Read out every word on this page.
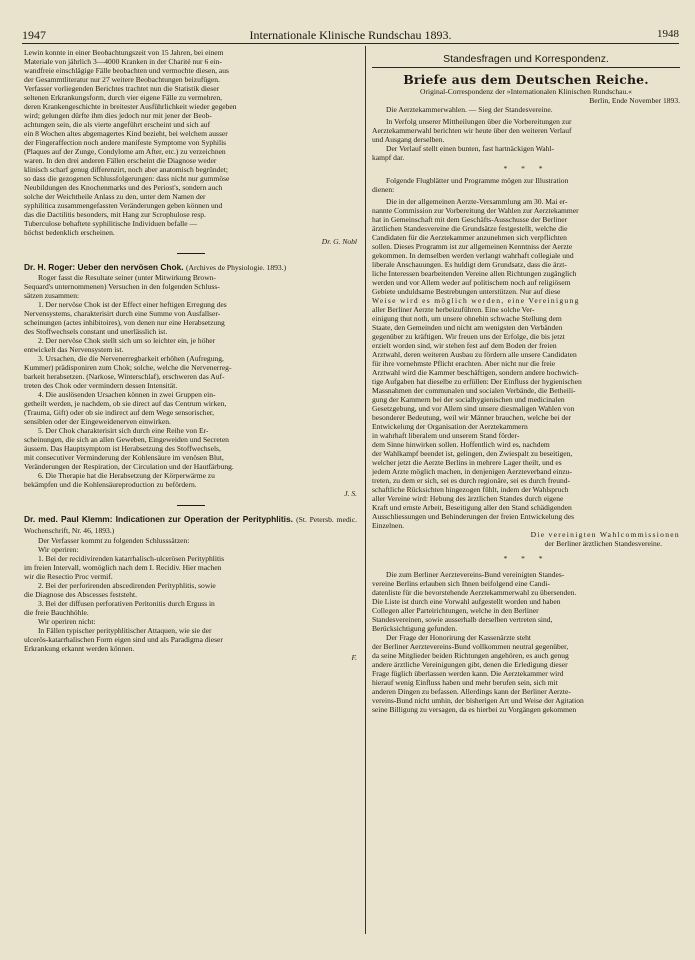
1947	Internationale Klinische Rundschau 1893.	1948

Lewin konnte in einer Beobachtungszeit von 15 Jahren, bei einem

Materiale von jährlich 3—4000 Kranken in der Charité nur 6 ein-

wandfreie einschlägige Fälle beobachten und vermochte diesen, aus

der Gesammtliteratur nur 27 weitere Beobachtungen beizufügen.

Verfasser vorliegenden Berichtes trachtet nun die Statistik dieser

seltenen Erkrankungsform, durch vier eigene Fälle zu vermehren,

deren Krankengeschichte in breitester Ausführlichkeit wieder gegeben

wird; gelungen dürfte ihm dies jedoch nur mit jener der Beob-

achtungen sein, die als vierte angeführt erscheint und sich auf

ein 8 Wochen altes abgemagertes Kind bezieht, bei welchem ausser

der Fingeraffection noch andere manifeste Symptome von Syphilis

(Plaques auf der Zunge, Condylome am After, etc.) zu verzeichnen

waren. In den drei anderen Fällen erscheint die Diagnose weder

klinisch scharf genug differenzirt, noch aber anatomisch begründet;

so dass die gezogenen Schlussfolgerungen: dass nicht nur gummöse

Neubildungen des Knochenmarks und des Periost's, sondern auch

solche der Weichtheile Anlass zu den, unter dem Namen der

syphilitica zusammengefassten Veränderungen geben können und

das die Dactilitis besonders, mit Hang zur Scrophulose resp.

Tuberculose behaftete syphilitische Individuen befalle —

höchst bedenklich erscheinen.

Dr. G. Nobl

Dr. H. Roger: Ueber den nervösen Chok. (Archives de Physiologie. 1893.)

Roger fasst die Resultate seiner (unter Mitwirkung Brown-

Sequard's unternommenen) Versuchen in den folgenden Schluss-

sätzen zusammen:

1. Der nervöse Chok ist der Effect einer heftigen Erregung des

Nervensystems, charakterisirt durch eine Summe von Ausfallser-

scheinungen (actes inhibitoires), von denen nur eine Herabsetzung

des Stoffwechsels constant und unerlässlich ist.

2. Der nervöse Chok stellt sich um so leichter ein, je höher

entwickelt das Nervensystem ist.

3. Ursachen, die die Nervenerregbarkeit erhöhen (Aufregung,

Kummer) prädisponiren zum Chok; solche, welche die Nervenerreg-

barkeit herabsetzen. (Narkose, Winterschlaf), erschweren das Auf-

treten des Chok oder vermindern dessen Intensität.

4. Die auslösenden Ursachen können in zwei Gruppen ein-

getheilt werden, je nachdem, ob sie direct auf das Centrum wirken,

(Trauma, Gift) oder ob sie indirect auf dem Wege sensorischer,

sensiblen oder der Eingeweidenerven einwirken.

5. Der Chok charakterisirt sich durch eine Reihe von Er-

scheinungen, die sich an allen Geweben, Eingeweiden und Secreten

äussern. Das Hauptsymptom ist Herabsetzung des Stoffwechsels,

mit consecutiver Verminderung der Kohlensäure im venösen Blut,

Veränderungen der Respiration, der Circulation und der Hautfärbung.

6. Die Therapie hat die Herabsetzung der Körperwärme zu

bekämpfen und die Kohlensäureproduction zu befördern.

J. S.

Dr. med. Paul Klemm: Indicationen zur Operation der Perityphlitis. (St. Petersb. medic. Wochenschrift, Nr. 46, 1893.)

Der Verfasser kommt zu folgenden Schlusssätzen:

Wir operiren:

1. Bei der recidivirenden katarrhalisch-ulcerösen Perityphlitis

im freien Intervall, womöglich nach dem I. Recidiv. Hier machen

wir die Resectio Proc vermif.

2. Bei der perforirenden abscedirenden Perityphlitis, sowie

die Diagnose des Abscesses feststeht.

3. Bei der diffusen perforativen Peritonitis durch Erguss in

die freie Bauchhöhle.

Wir operiren nicht:

In Fällen typischer perityphlitischer Attaquen, wie sie der

ulcerös-katarrhalischen Form eigen sind und als Paradigma dieser

Erkrankung erkannt werden können.

F.

Standesfragen und Korrespondenz.
Briefe aus dem Deutschen Reiche.

Original-Correspondenz der »Internationalen Klinischen Rundschau.«

Berlin, Ende November 1893.

Die Aerztekammerwahlen. — Sieg der Standesvereine.

In Verfolg unserer Mittheilungen über die Vorbereitungen zur

Aerztekammerwahl berichten wir heute über den weiteren Verlauf

und Ausgang derselben.

Der Verlauf stellt einen bunten, fast hartnäckigen Wahl-

kampf dar.

* * *

Folgende Flugblätter und Programme mögen zur Illustration

dienen:

Die in der allgemeinen Aerzte-Versammlung am 30. Mai er-

nannte Commission zur Vorbereitung der Wahlen zur Aerztekammer

hat in Gemeinschaft mit dem Geschäfts-Ausschusse der Berliner

ärztlichen Standesvereine die Grundsätze festgestellt, welche die

Candidaten für die Aerztekammer anzunehmen sich verpflichten

sollen. Dieses Programm ist zur allgemeinen Kenntniss der Aerzte

gekommen. In demselben werden verlangt wahrhaft collegiale und

liberale Anschauungen. Es huldigt dem Grundsatz, dass die ärzt-

liche Interessen bearbeitenden Vereine allen Richtungen zugänglich

werden und vor Allem weder auf politischem noch auf religiösem

Gebiete unduldsame Bestrebungen unterstützen. Nur auf diese

Weise wird es möglich werden, eine Vereinigung

aller Berliner Aerzte herbeizuführen. Eine solche Ver-

einigung thut noth, um unsere ohnehin schwache Stellung dem

Staate, den Gemeinden und nicht am wenigsten den Verbänden

gegenüber zu kräftigen. Wir freuen uns der Erfolge, die bis jetzt

erzielt worden sind, wir stehen fest auf dem Boden der freien

Arztwahl, deren weiteren Ausbau zu fördern alle unsere Candidaten

für ihre vornehmste Pflicht erachten. Aber nicht nur die freie

Arztwahl wird die Kammer beschäftigen, sondern andere hochwich-

tige Aufgaben hat dieselbe zu erfüllen: Der Einfluss der hygienischen

Massnahmen der communalen und socialen Verbände, die Betheili-

gung der Kammern bei der socialhygienischen und medicinalen

Gesetzgebung, und vor Allem sind unsere diesmaligen Wahlen von

besonderer Bedeutung, weil wir Männer brauchen, welche bei der

Entwickelung der Organisation der Aerztekammern

in wahrhaft liberalem und unserem Stand förder-

dem Sinne hinwirken sollen. Hoffentlich wird es, nachdem

der Wahlkampf beendet ist, gelingen, den Zwiespalt zu beseitigen,

welcher jetzt die Aerzte Berlins in mehrere Lager theilt, und es

jedem Arzte möglich machen, in denjenigen Aerzteverband einzu-

treten, zu dem er sich, sei es durch regionäre, sei es durch freund-

schaftliche Rücksichten hingezogen fühlt, indem der Wahlspruch

aller Vereine wird: Hebung des ärztlichen Standes durch eigene

Kraft und ernste Arbeit, Beseitigung aller den Stand schädigenden

Ausschliessungen und Behinderungen der freien Entwickelung des

Einzelnen.

Die vereinigten Wahlcommissionen

der Berliner ärztlichen Standesvereine.

* * *

Die zum Berliner Aerztevereins-Bund vereinigten Standes-

vereine Berlins erlauben sich Ihnen beifolgend eine Candi-

datenliste für die bevorstehende Aerztekammerwahl zu übersenden.

Die Liste ist durch eine Vorwahl aufgestellt worden und haben

Collegen aller Parteirichtungen, welche in den Berliner

Standesvereinen, sowie ausserhalb derselben vertreten sind,

Berücksichtigung gefunden.

Der Frage der Honorirung der Kassenärzte steht

der Berliner Aerztevereins-Bund vollkommen neutral gegenüber,

da seine Mitglieder beiden Richtungen angehören, es auch genug

andere ärztliche Vereinigungen gibt, denen die Erledigung dieser

Frage füglich überlassen werden kann. Die Aerztekammer wird

hierauf wenig Einfluss haben und mehr berufen sein, sich mit

anderen Dingen zu befassen. Allerdings kann der Berliner Aerzte-

vereins-Bund nicht umhin, der bisherigen Art und Weise der Agitation

seine Billigung zu versagen, da es hierbei zu Vorgängen gekommen
